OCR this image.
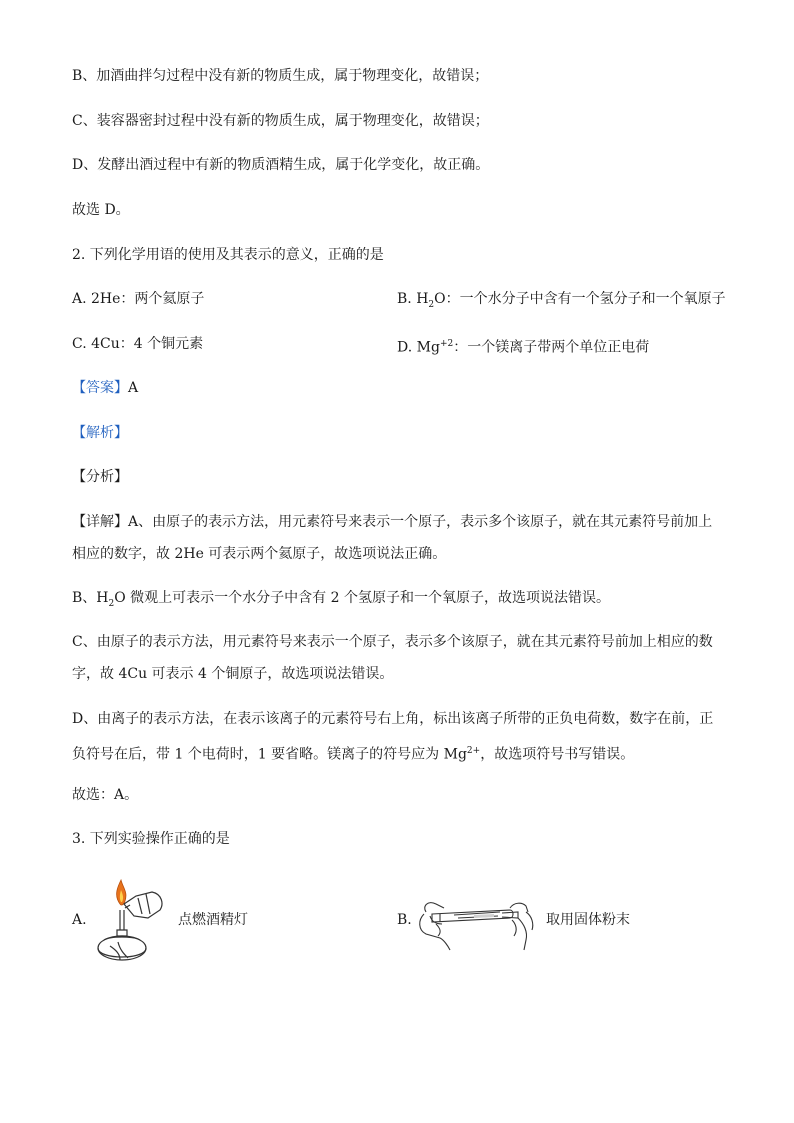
B、加酒曲拌匀过程中没有新的物质生成，属于物理变化，故错误；
C、装容器密封过程中没有新的物质生成，属于物理变化，故错误；
D、发酵出酒过程中有新的物质酒精生成，属于化学变化，故正确。
故选 D。
2. 下列化学用语的使用及其表示的意义，正确的是
A. 2He：两个氦原子	B. $H_2O$：一个水分子中含有一个氢分子和一个氧原子
C. 4Cu：4 个铜元素	D. $Mg^{+2}$：一个镁离子带两个单位正电荷
【答案】A
【解析】
【分析】
【详解】A、由原子的表示方法，用元素符号来表示一个原子，表示多个该原子，就在其元素符号前加上
相应的数字，故 2He 可表示两个氦原子，故选项说法正确。
B、$H_2O$ 微观上可表示一个水分子中含有 2 个氢原子和一个氧原子，故选项说法错误。
C、由原子的表示方法，用元素符号来表示一个原子，表示多个该原子，就在其元素符号前加上相应的数
字，故 4Cu 可表示 4 个铜原子，故选项说法错误。
D、由离子的表示方法，在表示该离子的元素符号右上角，标出该离子所带的正负电荷数，数字在前，正
负符号在后，带 1 个电荷时，1 要省略。镁离子的符号应为 $Mg^{2+}$，故选项符号书写错误。
故选：A。
3. 下列实验操作正确的是
A.	点燃酒精灯	B.	取用固体粉末
